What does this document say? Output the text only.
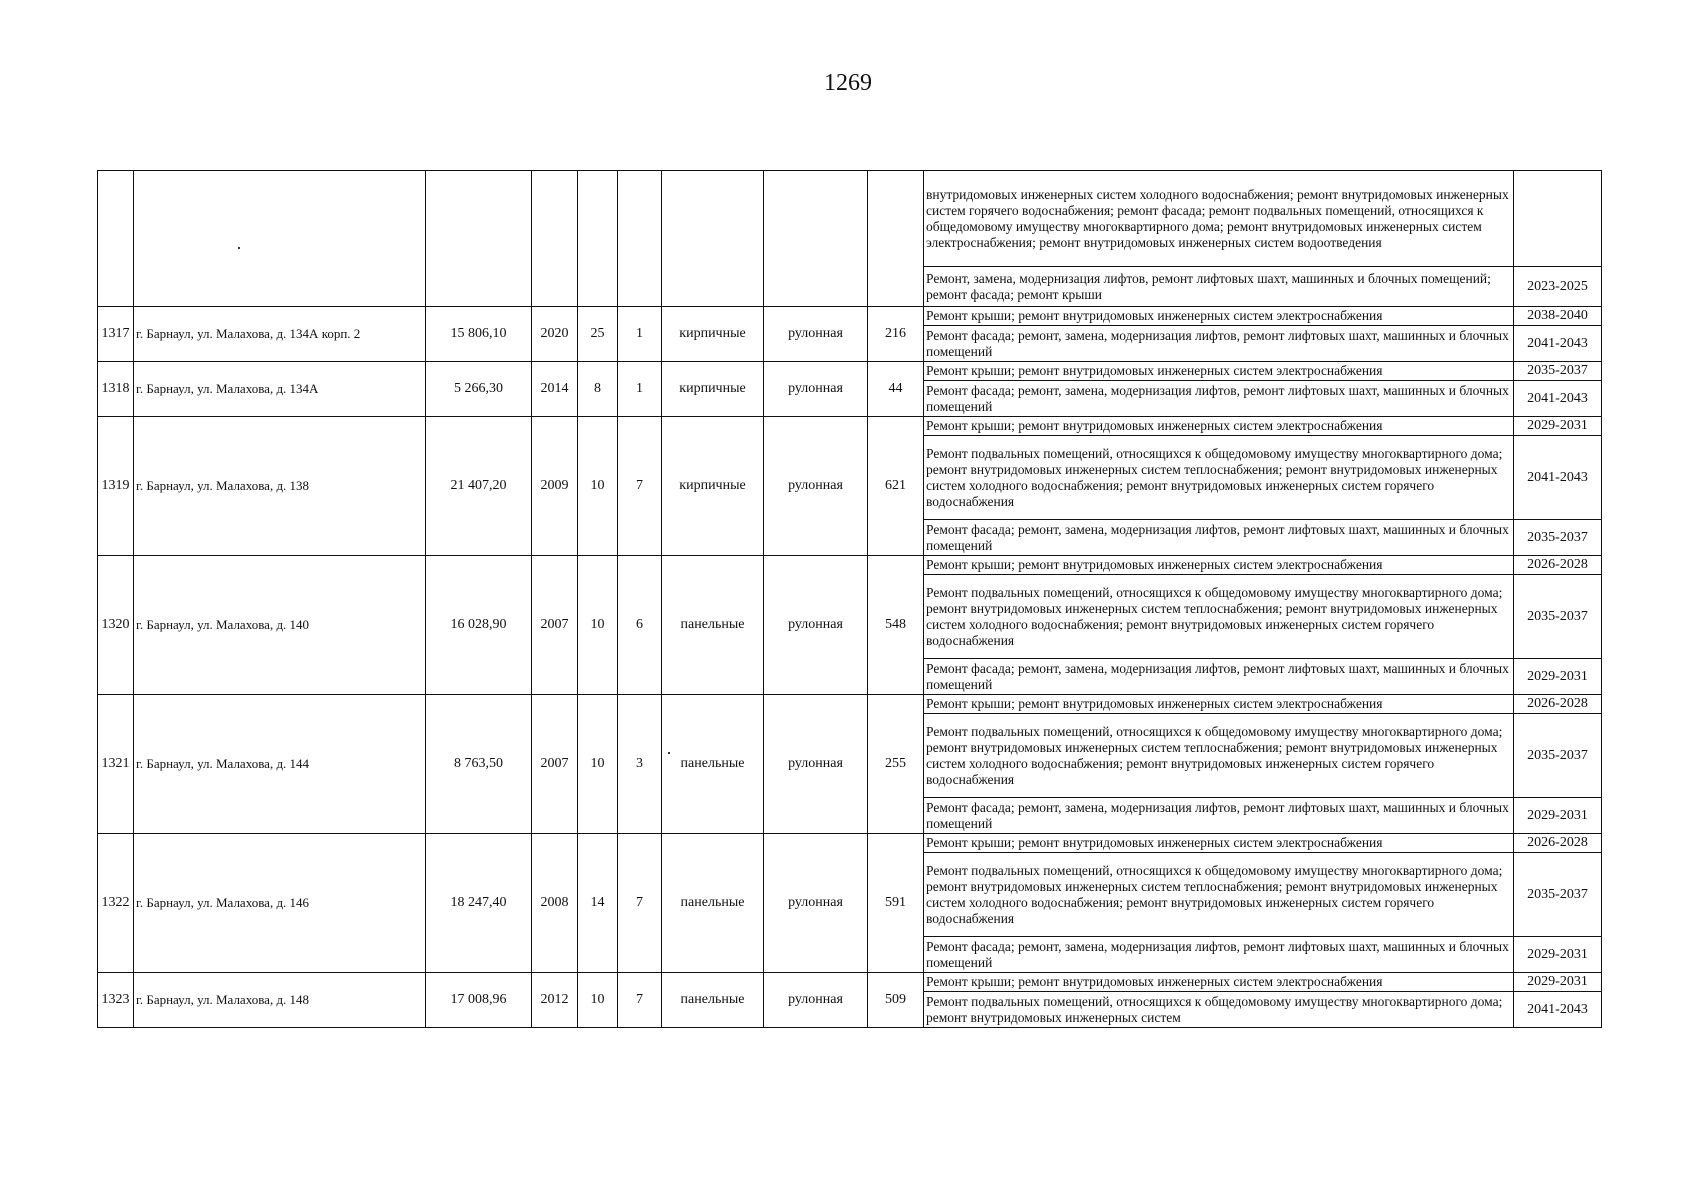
1269
									внутридомовых инженерных систем холодного водоснабжения; ремонт внутридомовых инженерных систем горячего водоснабжения; ремонт фасада; ремонт подвальных помещений, относящихся к общедомовому имуществу многоквартирного дома; ремонт внутридомовых инженерных систем электроснабжения; ремонт внутридомовых инженерных систем водоотведения	
									Ремонт, замена, модернизация лифтов, ремонт лифтовых шахт, машинных и блочных помещений; ремонт фасада; ремонт крыши	2023-2025
1317	г. Барнаул, ул. Малахова, д. 134А корп. 2	15 806,10	2020	25	1	кирпичные	рулонная	216	Ремонт крыши; ремонт внутридомовых инженерных систем электроснабжения	2038-2040
									Ремонт фасада; ремонт, замена, модернизация лифтов, ремонт лифтовых шахт, машинных и блочных помещений	2041-2043
1318	г. Барнаул, ул. Малахова, д. 134А	5 266,30	2014	8	1	кирпичные	рулонная	44	Ремонт крыши; ремонт внутридомовых инженерных систем электроснабжения	2035-2037
									Ремонт фасада; ремонт, замена, модернизация лифтов, ремонт лифтовых шахт, машинных и блочных помещений	2041-2043
1319	г. Барнаул, ул. Малахова, д. 138	21 407,20	2009	10	7	кирпичные	рулонная	621	Ремонт крыши; ремонт внутридомовых инженерных систем электроснабжения	2029-2031
									Ремонт подвальных помещений, относящихся к общедомовому имуществу многоквартирного дома; ремонт внутридомовых инженерных систем теплоснабжения; ремонт внутридомовых инженерных систем холодного водоснабжения; ремонт внутридомовых инженерных систем горячего водоснабжения	2041-2043
									Ремонт фасада; ремонт, замена, модернизация лифтов, ремонт лифтовых шахт, машинных и блочных помещений	2035-2037
1320	г. Барнаул, ул. Малахова, д. 140	16 028,90	2007	10	6	панельные	рулонная	548	Ремонт крыши; ремонт внутридомовых инженерных систем электроснабжения	2026-2028
									Ремонт подвальных помещений, относящихся к общедомовому имуществу многоквартирного дома; ремонт внутридомовых инженерных систем теплоснабжения; ремонт внутридомовых инженерных систем холодного водоснабжения; ремонт внутридомовых инженерных систем горячего водоснабжения	2035-2037
									Ремонт фасада; ремонт, замена, модернизация лифтов, ремонт лифтовых шахт, машинных и блочных помещений	2029-2031
1321	г. Барнаул, ул. Малахова, д. 144	8 763,50	2007	10	3	панельные	рулонная	255	Ремонт крыши; ремонт внутридомовых инженерных систем электроснабжения	2026-2028
									Ремонт подвальных помещений, относящихся к общедомовому имуществу многоквартирного дома; ремонт внутридомовых инженерных систем теплоснабжения; ремонт внутридомовых инженерных систем холодного водоснабжения; ремонт внутридомовых инженерных систем горячего водоснабжения	2035-2037
									Ремонт фасада; ремонт, замена, модернизация лифтов, ремонт лифтовых шахт, машинных и блочных помещений	2029-2031
1322	г. Барнаул, ул. Малахова, д. 146	18 247,40	2008	14	7	панельные	рулонная	591	Ремонт крыши; ремонт внутридомовых инженерных систем электроснабжения	2026-2028
									Ремонт подвальных помещений, относящихся к общедомовому имуществу многоквартирного дома; ремонт внутридомовых инженерных систем теплоснабжения; ремонт внутридомовых инженерных систем холодного водоснабжения; ремонт внутридомовых инженерных систем горячего водоснабжения	2035-2037
									Ремонт фасада; ремонт, замена, модернизация лифтов, ремонт лифтовых шахт, машинных и блочных помещений	2029-2031
1323	г. Барнаул, ул. Малахова, д. 148	17 008,96	2012	10	7	панельные	рулонная	509	Ремонт крыши; ремонт внутридомовых инженерных систем электроснабжения	2029-2031
									Ремонт подвальных помещений, относящихся к общедомовому имуществу многоквартирного дома; ремонт внутридомовых инженерных систем	2041-2043
